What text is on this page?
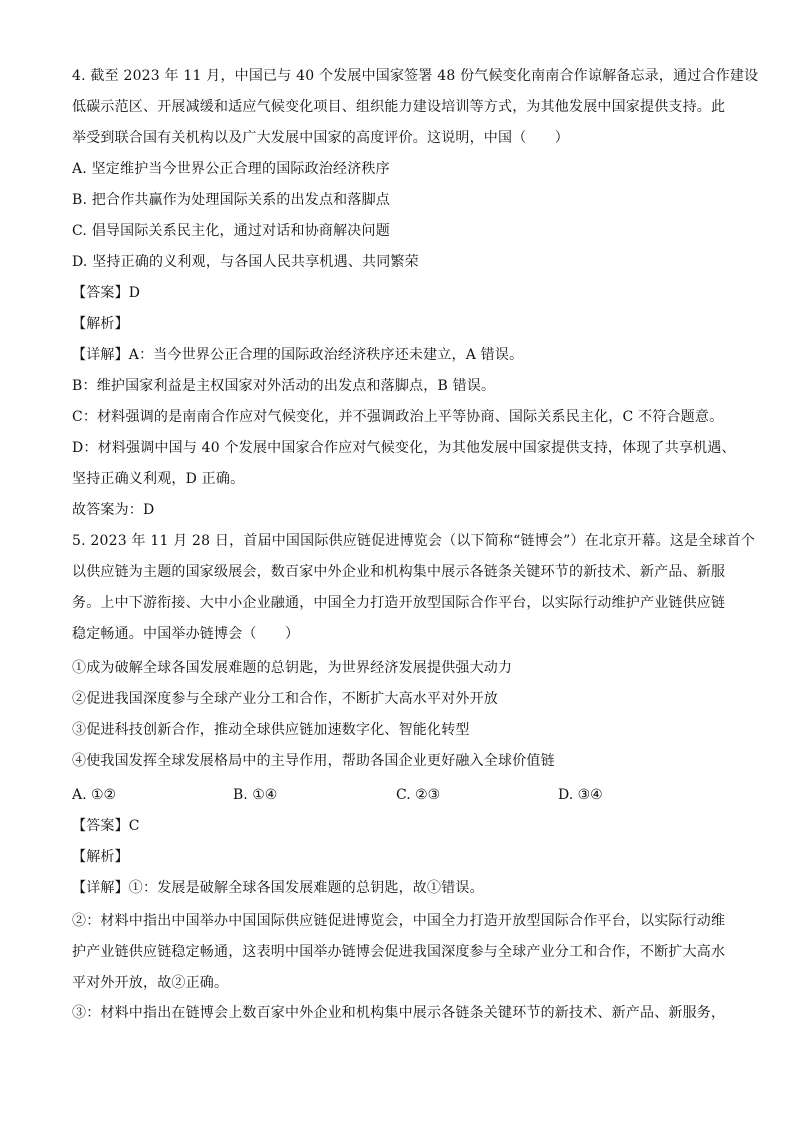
4. 截至 2023 年 11 月，中国已与 40 个发展中国家签署 48 份气候变化南南合作谅解备忘录，通过合作建设
低碳示范区、开展减缓和适应气候变化项目、组织能力建设培训等方式，为其他发展中国家提供支持。此
举受到联合国有关机构以及广大发展中国家的高度评价。这说明，中国（　　）
A. 坚定维护当今世界公正合理的国际政治经济秩序
B. 把合作共赢作为处理国际关系的出发点和落脚点
C. 倡导国际关系民主化，通过对话和协商解决问题
D. 坚持正确的义利观，与各国人民共享机遇、共同繁荣
【答案】D
【解析】
【详解】A：当今世界公正合理的国际政治经济秩序还未建立，A 错误。
B：维护国家利益是主权国家对外活动的出发点和落脚点，B 错误。
C：材料强调的是南南合作应对气候变化，并不强调政治上平等协商、国际关系民主化，C 不符合题意。
D：材料强调中国与 40 个发展中国家合作应对气候变化，为其他发展中国家提供支持，体现了共享机遇、
坚持正确义利观，D 正确。
故答案为：D
5. 2023 年 11 月 28 日，首届中国国际供应链促进博览会（以下简称“链博会”）在北京开幕。这是全球首个
以供应链为主题的国家级展会，数百家中外企业和机构集中展示各链条关键环节的新技术、新产品、新服
务。上中下游衔接、大中小企业融通，中国全力打造开放型国际合作平台，以实际行动维护产业链供应链
稳定畅通。中国举办链博会（　　）
①成为破解全球各国发展难题的总钥匙，为世界经济发展提供强大动力
②促进我国深度参与全球产业分工和合作，不断扩大高水平对外开放
③促进科技创新合作，推动全球供应链加速数字化、智能化转型
④使我国发挥全球发展格局中的主导作用，帮助各国企业更好融入全球价值链
A. ①②	B. ①④	C. ②③	D. ③④
【答案】C
【解析】
【详解】①：发展是破解全球各国发展难题的总钥匙，故①错误。
②：材料中指出中国举办中国国际供应链促进博览会，中国全力打造开放型国际合作平台，以实际行动维
护产业链供应链稳定畅通，这表明中国举办链博会促进我国深度参与全球产业分工和合作，不断扩大高水
平对外开放，故②正确。
③：材料中指出在链博会上数百家中外企业和机构集中展示各链条关键环节的新技术、新产品、新服务，
